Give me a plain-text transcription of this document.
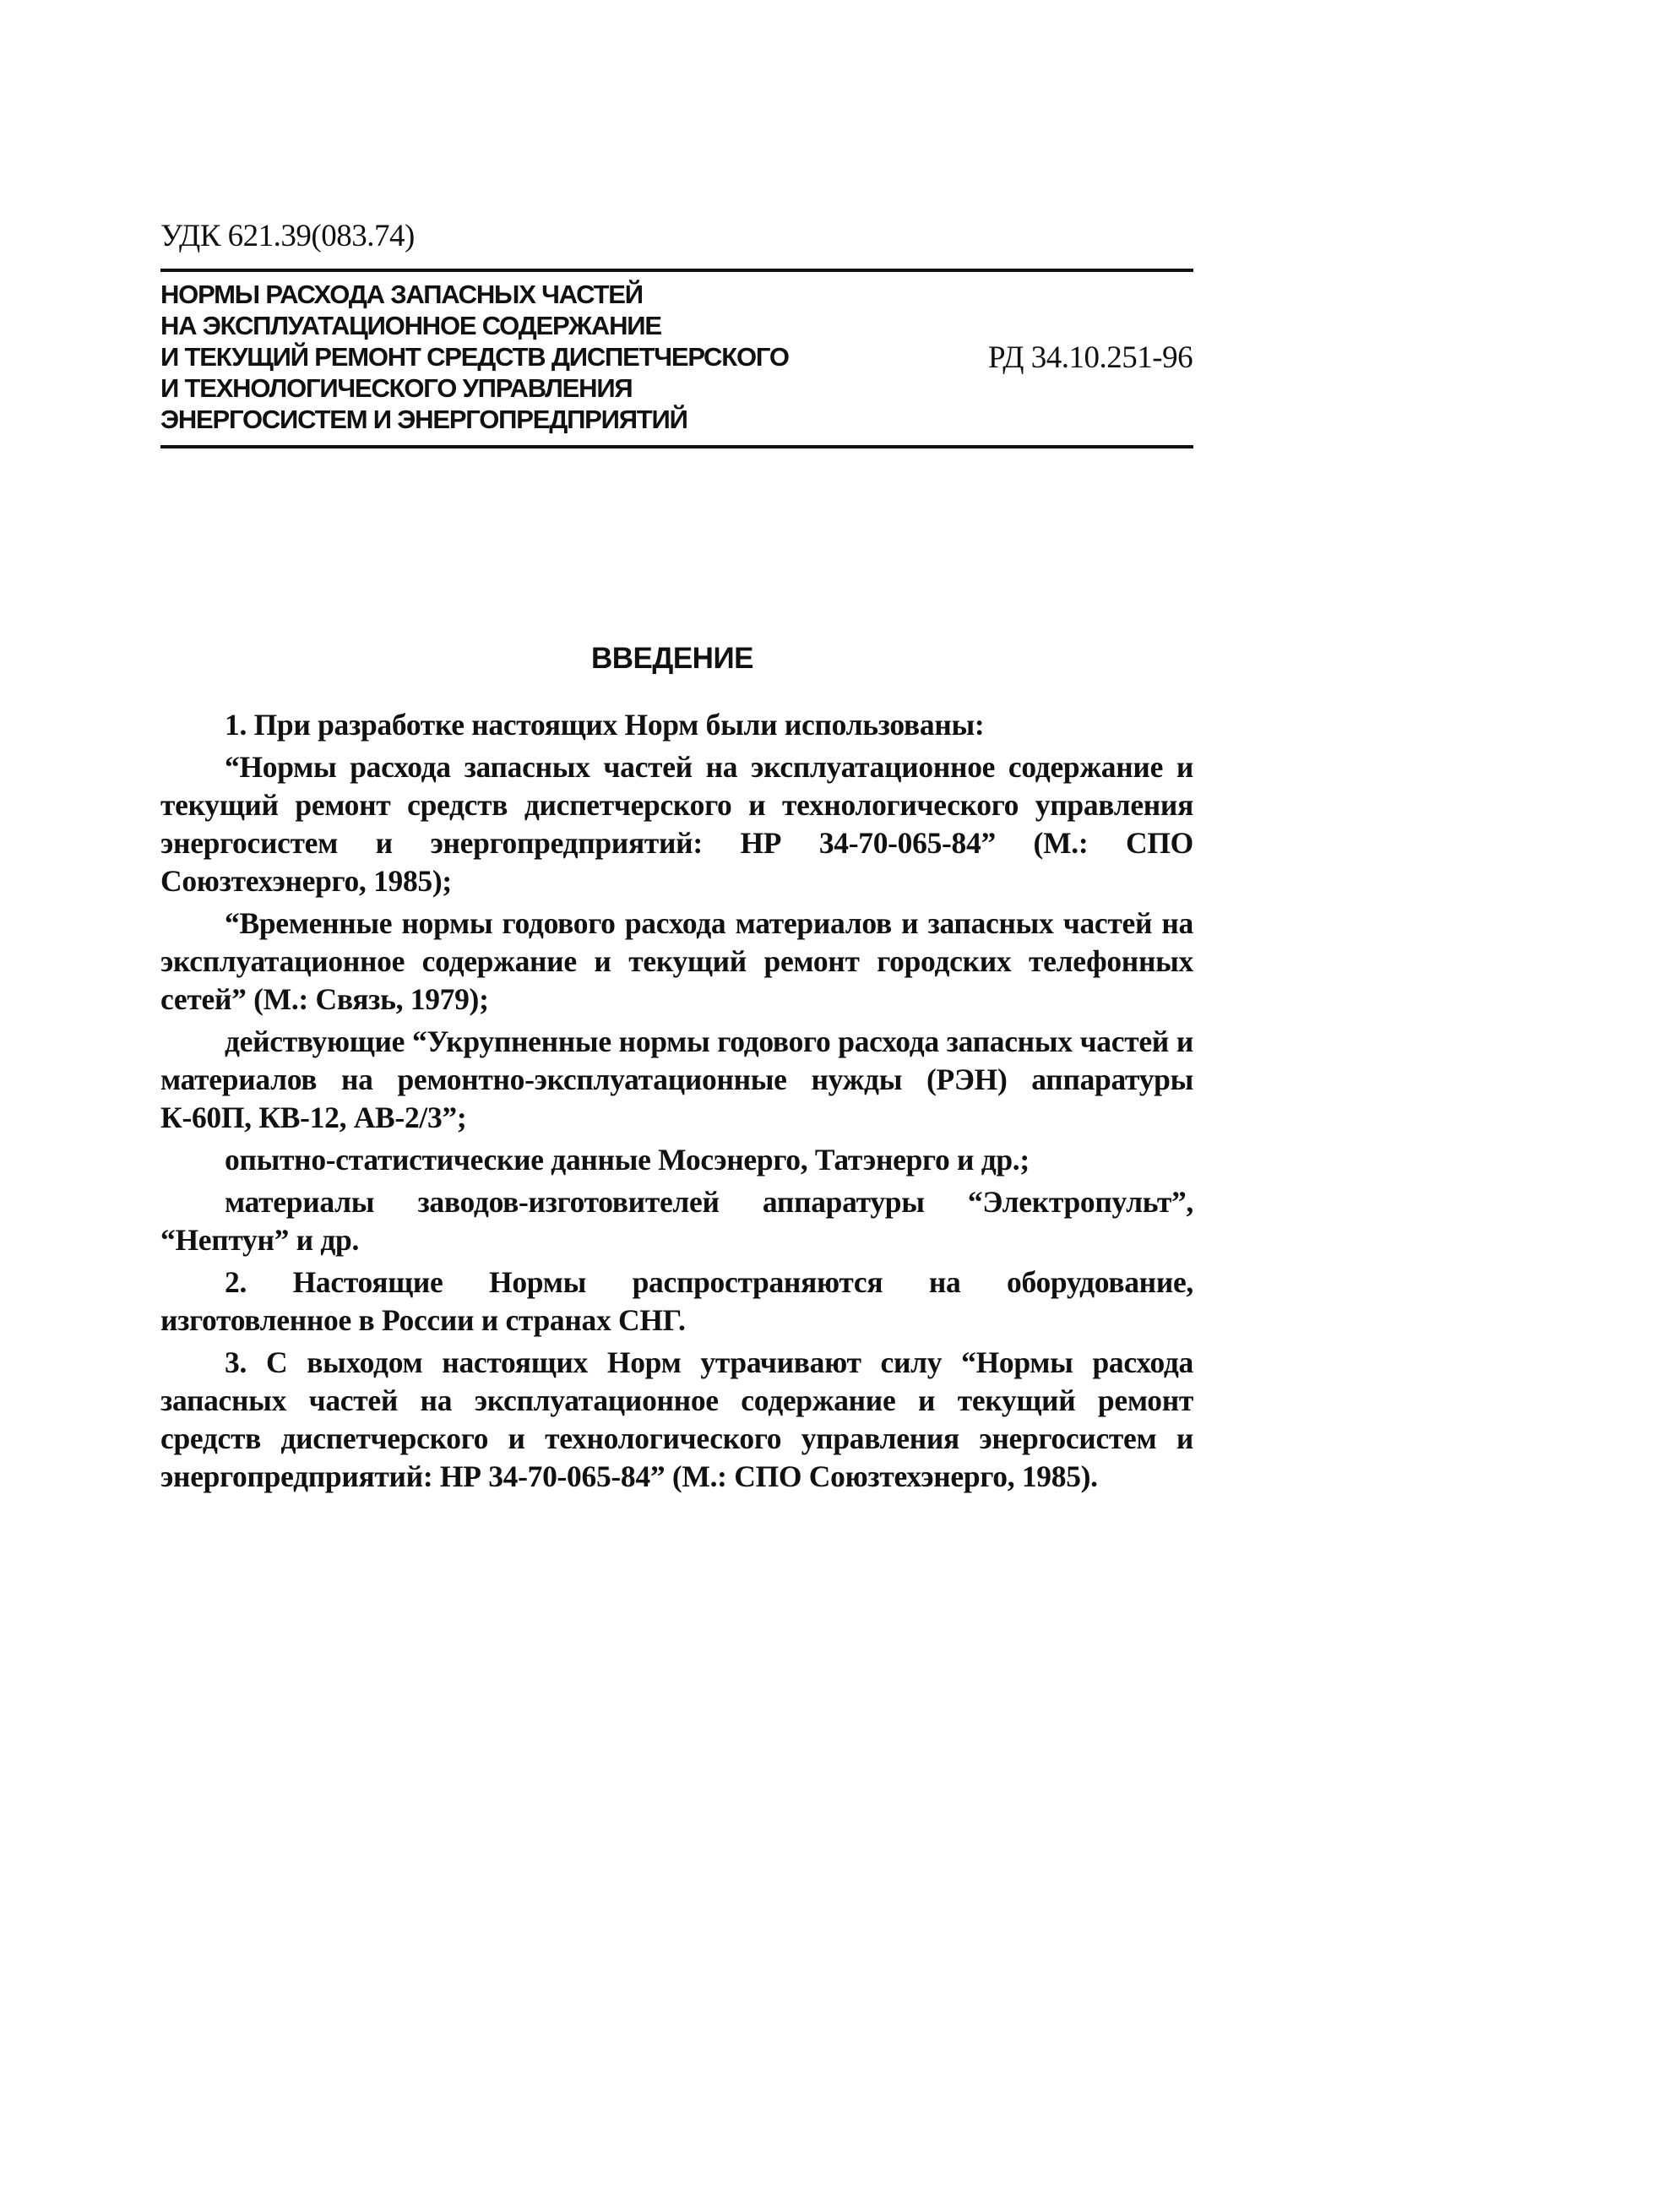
УДК 621.39(083.74)
НОРМЫ РАСХОДА ЗАПАСНЫХ ЧАСТЕЙ
НА ЭКСПЛУАТАЦИОННОЕ СОДЕРЖАНИЕ
И ТЕКУЩИЙ РЕМОНТ СРЕДСТВ ДИСПЕТЧЕРСКОГО
И ТЕХНОЛОГИЧЕСКОГО УПРАВЛЕНИЯ
ЭНЕРГОСИСТЕМ И ЭНЕРГОПРЕДПРИЯТИЙ
РД 34.10.251-96
ВВЕДЕНИЕ

1. При разработке настоящих Норм были использованы:

“Нормы расхода запасных частей на эксплуатационное содержание и текущий ремонт средств диспетчерского и технологического управления энергосистем и энергопредприятий: НР 34-70-065-84” (М.: СПО Союзтехэнерго, 1985);

“Временные нормы годового расхода материалов и запасных частей на эксплуатационное содержание и текущий ремонт городских телефонных сетей” (М.: Связь, 1979);

действующие “Укрупненные нормы годового расхода запасных частей и материалов на ремонтно-эксплуатационные нужды (РЭН) аппаратуры К-60П, КВ-12, АВ-2/3”;

опытно-статистические данные Мосэнерго, Татэнерго и др.;

материалы заводов-изготовителей аппаратуры “Электропульт”, “Нептун” и др.

2. Настоящие Нормы распространяются на оборудование, изготовленное в России и странах СНГ.

3. С выходом настоящих Норм утрачивают силу “Нормы расхода запасных частей на эксплуатационное содержание и текущий ремонт средств диспетчерского и технологического управления энергосистем и энергопредприятий: НР 34-70-065-84” (М.: СПО Союзтехэнерго, 1985).
